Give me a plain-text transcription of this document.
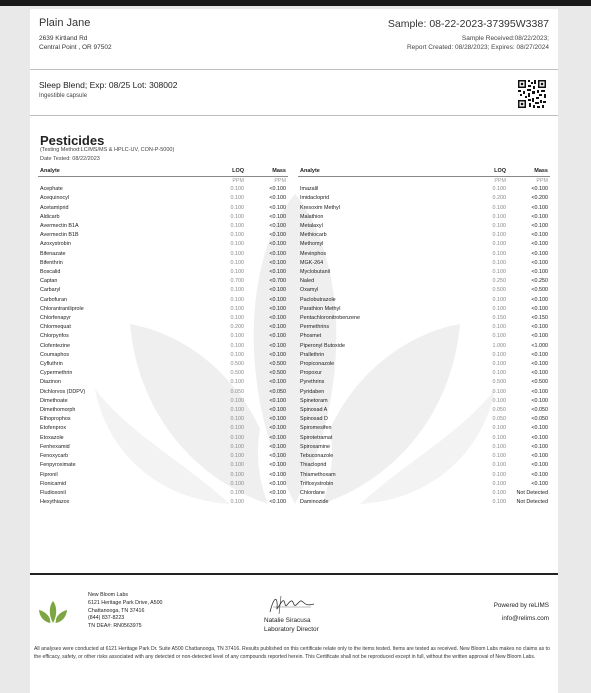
Plain Jane
2639 Kirtland Rd
Central Point , OR 97502
Sample: 08-22-2023-37395W3387
Sample Received:08/22/2023;
Report Created: 08/28/2023; Expires: 08/27/2024
Sleep Blend; Exp: 08/25 Lot: 308002
Ingestible capsule
Pesticides
(Testing Method:LC/MS/MS & HPLC-UV, CON-P-5000)
Date Tested: 08/22/2023
Analyte	LOQ	Mass
	PPM	PPM
Acephate	0.100	<0.100
Acequinocyl	0.100	<0.100
Acetamiprid	0.100	<0.100
Aldicarb	0.100	<0.100
Avermectin B1A	0.100	<0.100
Avermectin B1B	0.100	<0.100
Azoxystrobin	0.100	<0.100
Bifenazate	0.100	<0.100
Bifenthrin	0.100	<0.100
Boscalid	0.100	<0.100
Captan	0.700	<0.700
Carbaryl	0.100	<0.100
Carbofuran	0.100	<0.100
Chlorantraniliprole	0.100	<0.100
Chlorfenapyr	0.100	<0.100
Chlormequat	0.200	<0.100
Chlorpyrifos	0.100	<0.100
Clofentezine	0.100	<0.100
Coumaphos	0.100	<0.100
Cyfluthrin	0.500	<0.500
Cypermethrin	0.500	<0.500
Diazinon	0.100	<0.100
Dichlorvos (DDPV)	0.050	<0.050
Dimethoate	0.100	<0.100
Dimethomorph	0.100	<0.100
Ethoprophos	0.100	<0.100
Etofenprox	0.100	<0.100
Etoxazole	0.100	<0.100
Fenhexamid	0.100	<0.100
Fenoxycarb	0.100	<0.100
Fenpyroximate	0.100	<0.100
Fipronil	0.100	<0.100
Flonicamid	0.100	<0.100
Fludioxonil	0.100	<0.100
Hexythiazox	0.100	<0.100
Analyte	LOQ	Mass
	PPM	PPM
Imazalil	0.100	<0.100
Imidacloprid	0.200	<0.200
Kresoxim Methyl	0.100	<0.100
Malathion	0.100	<0.100
Metalaxyl	0.100	<0.100
Methiocarb	0.100	<0.100
Methomyl	0.100	<0.100
Mevinphos	0.100	<0.100
MGK-264	0.100	<0.100
Myclobutanil	0.100	<0.100
Naled	0.250	<0.250
Oxamyl	0.500	<0.500
Paclobutrazole	0.100	<0.100
Parathion Methyl	0.100	<0.100
Pentachloronitrobenzene	0.150	<0.150
Permethrins	0.100	<0.100
Phosmet	0.100	<0.100
Piperonyl Butoxide	1.000	<1.000
Prallethrin	0.100	<0.100
Propiconazole	0.100	<0.100
Propoxur	0.100	<0.100
Pyrethrins	0.500	<0.500
Pyridaben	0.100	<0.100
Spinetoram	0.100	<0.100
Spinosad A	0.050	<0.050
Spinosad D	0.050	<0.050
Spiromesifen	0.100	<0.100
Spirotetramat	0.100	<0.100
Spiroxamine	0.100	<0.100
Tebuconazole	0.100	<0.100
Thiacloprid	0.100	<0.100
Thiamethoxam	0.100	<0.100
Trifloxystrobin	0.100	<0.100
Chlordane	0.100	Not Detected
Daminozide	0.100	Not Detected
New Bloom Labs
6121 Heritage Park Drive, A500
Chattanooga, TN 37416
(844) 837-8223
TN DEA#: RN0563975
Natalie Siracusa
Laboratory Director
Powered by reLIMS
info@relims.com
All analyses were conducted at 6121 Heritage Park Dr. Suite A500 Chattanooga, TN 37416. Results published on this certificate relate only to the items tested. Items are tested as received. New Bloom Labs makes no claims as to the efficacy, safety, or other risks associated with any detected or non-detected level of any compounds reported herein. This Certificate shall not be reproduced except in full, without the written approval of New Bloom Labs.
